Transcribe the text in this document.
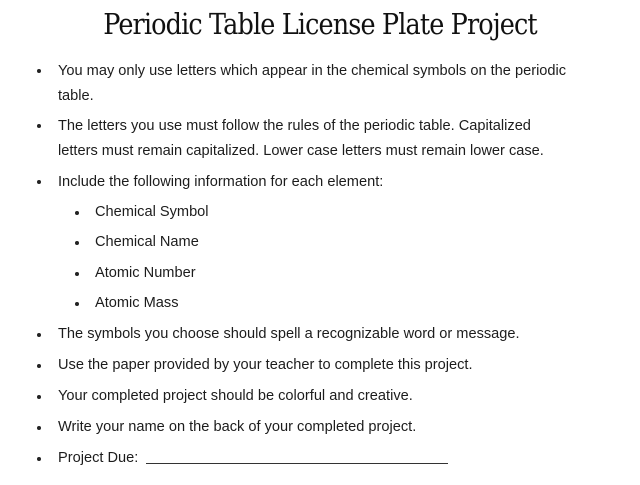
Periodic Table License Plate Project
You may only use letters which appear in the chemical symbols on the periodic
table.
The letters you use must follow the rules of the periodic table. Capitalized
letters must remain capitalized. Lower case letters must remain lower case.
Include the following information for each element:
Chemical Symbol
Chemical Name
Atomic Number
Atomic Mass
The symbols you choose should spell a recognizable word or message.
Use the paper provided by your teacher to complete this project.
Your completed project should be colorful and creative.
Write your name on the back of your completed project.
Project Due:
